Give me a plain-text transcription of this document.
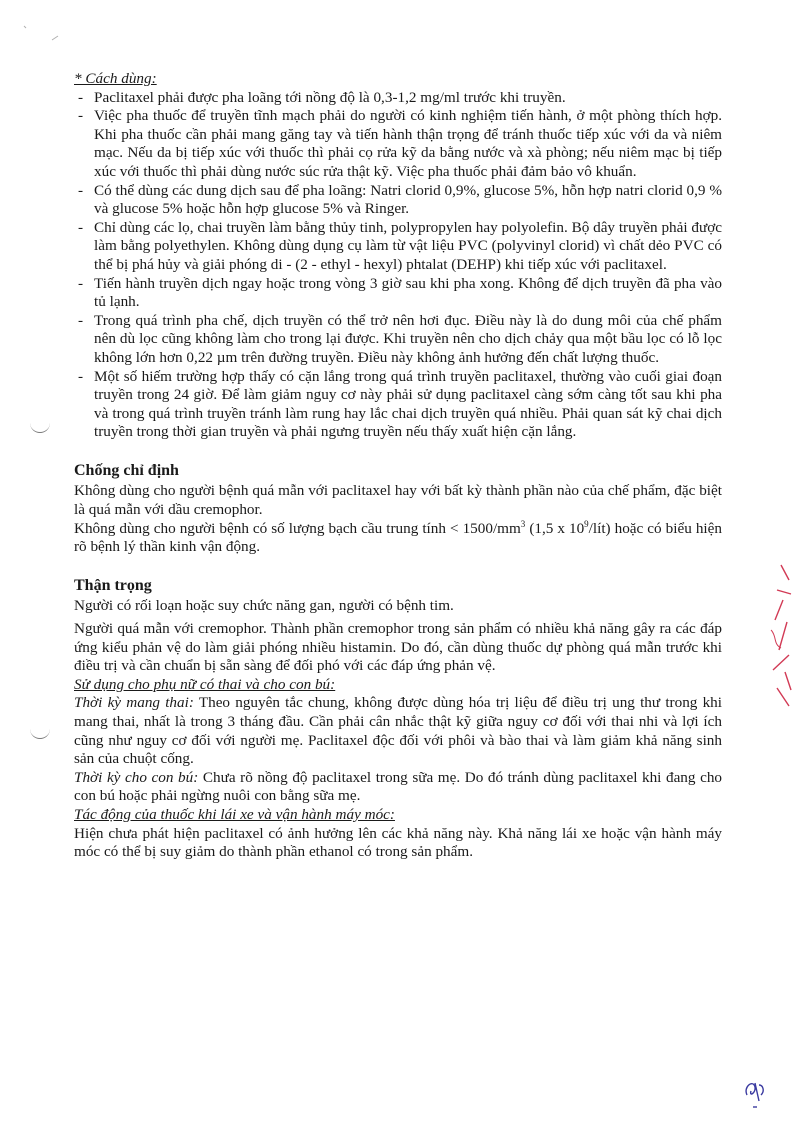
* Cách dùng:

- Paclitaxel phải được pha loãng tới nồng độ là 0,3-1,2 mg/ml trước khi truyền.
- Việc pha thuốc để truyền tĩnh mạch phải do người có kinh nghiệm tiến hành, ở một phòng thích hợp. Khi pha thuốc cần phải mang găng tay và tiến hành thận trọng để tránh thuốc tiếp xúc với da và niêm mạc. Nếu da bị tiếp xúc với thuốc thì phải cọ rửa kỹ da bằng nước và xà phòng; nếu niêm mạc bị tiếp xúc với thuốc thì phải dùng nước súc rửa thật kỹ. Việc pha thuốc phải đảm bảo vô khuẩn.
- Có thể dùng các dung dịch sau để pha loãng: Natri clorid 0,9%, glucose 5%, hỗn hợp natri clorid 0,9 % và glucose 5% hoặc hỗn hợp glucose 5% và Ringer.
- Chỉ dùng các lọ, chai truyền làm bằng thủy tinh, polypropylen hay polyolefin. Bộ dây truyền phải được làm bằng polyethylen. Không dùng dụng cụ làm từ vật liệu PVC (polyvinyl clorid) vì chất dẻo PVC có thể bị phá hủy và giải phóng di - (2 - ethyl - hexyl) phtalat (DEHP) khi tiếp xúc với paclitaxel.
- Tiến hành truyền dịch ngay hoặc trong vòng 3 giờ sau khi pha xong. Không để dịch truyền đã pha vào tủ lạnh.
- Trong quá trình pha chế, dịch truyền có thể trở nên hơi đục. Điều này là do dung môi của chế phẩm nên dù lọc cũng không làm cho trong lại được. Khi truyền nên cho dịch chảy qua một bầu lọc có lỗ lọc không lớn hơn 0,22 µm trên đường truyền. Điều này không ảnh hưởng đến chất lượng thuốc.
- Một số hiếm trường hợp thấy có cặn lắng trong quá trình truyền paclitaxel, thường vào cuối giai đoạn truyền trong 24 giờ. Để làm giảm nguy cơ này phải sử dụng paclitaxel càng sớm càng tốt sau khi pha và trong quá trình truyền tránh làm rung hay lắc chai dịch truyền quá nhiều. Phải quan sát kỹ chai dịch truyền trong thời gian truyền và phải ngưng truyền nếu thấy xuất hiện cặn lắng.
Chống chỉ định

Không dùng cho người bệnh quá mẫn với paclitaxel hay với bất kỳ thành phần nào của chế phẩm, đặc biệt là quá mẫn với dầu cremophor.

Không dùng cho người bệnh có số lượng bạch cầu trung tính < $1500/mm^3$ (1,5 x $10^9/lít$) hoặc có biểu hiện rõ bệnh lý thần kinh vận động.

Thận trọng

Người có rối loạn hoặc suy chức năng gan, người có bệnh tim.

Người quá mẫn với cremophor. Thành phần cremophor trong sản phẩm có nhiều khả năng gây ra các đáp ứng kiểu phản vệ do làm giải phóng nhiều histamin. Do đó, cần dùng thuốc dự phòng quá mẫn trước khi điều trị và cần chuẩn bị sẵn sàng để đối phó với các đáp ứng phản vệ.

Sử dụng cho phụ nữ có thai và cho con bú:

Thời kỳ mang thai: Theo nguyên tắc chung, không được dùng hóa trị liệu để điều trị ung thư trong khi mang thai, nhất là trong 3 tháng đầu. Cần phải cân nhắc thật kỹ giữa nguy cơ đối với thai nhi và lợi ích cũng như nguy cơ đối với người mẹ. Paclitaxel độc đối với phôi và bào thai và làm giảm khả năng sinh sản của chuột cống.

Thời kỳ cho con bú: Chưa rõ nồng độ paclitaxel trong sữa mẹ. Do đó tránh dùng paclitaxel khi đang cho con bú hoặc phải ngừng nuôi con bằng sữa mẹ.

Tác động của thuốc khi lái xe và vận hành máy móc:

Hiện chưa phát hiện paclitaxel có ảnh hưởng lên các khả năng này. Khả năng lái xe hoặc vận hành máy móc có thể bị suy giảm do thành phần ethanol có trong sản phẩm.
